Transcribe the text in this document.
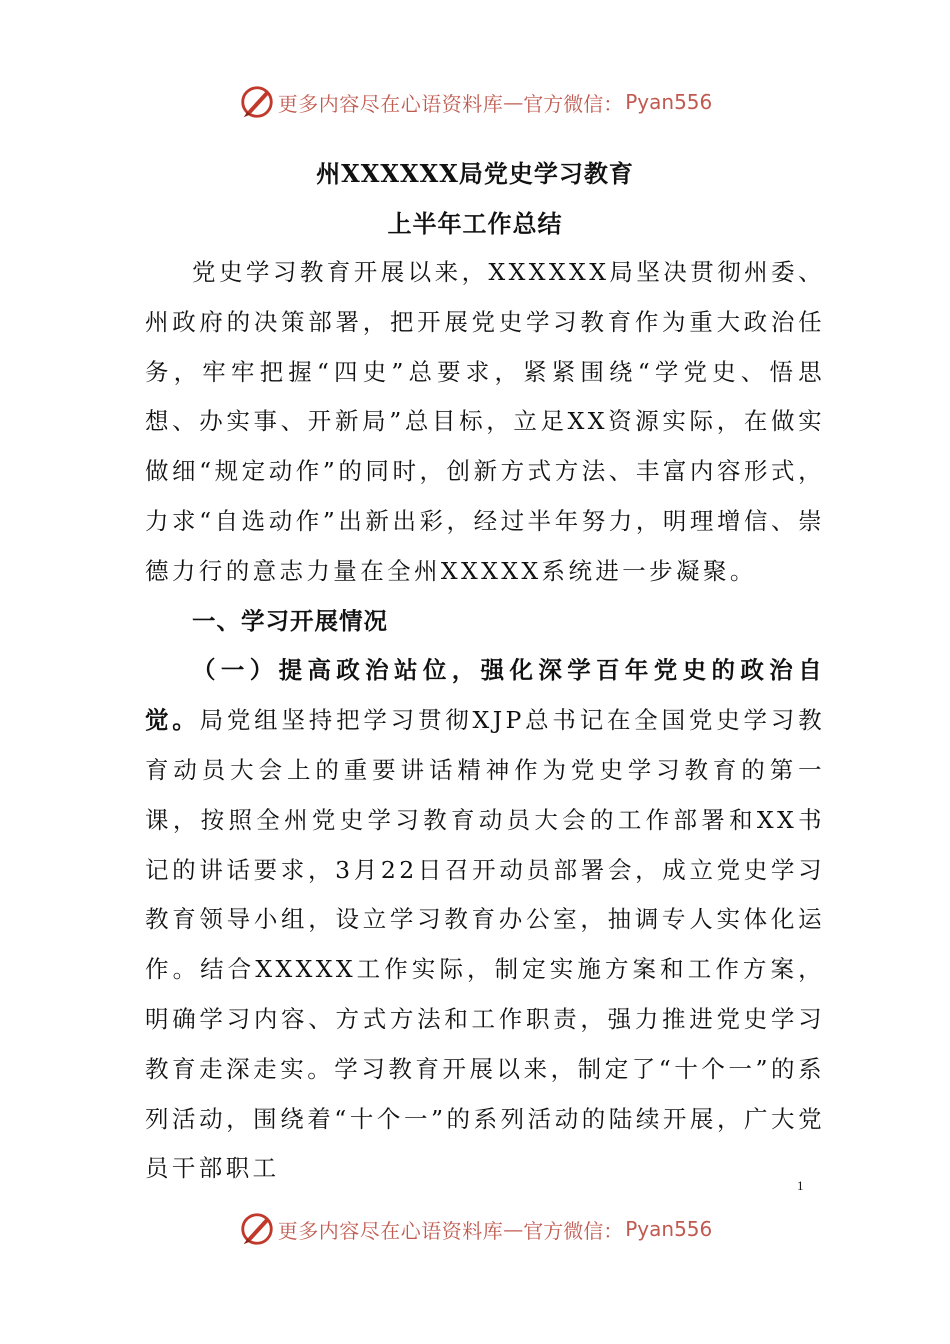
更多内容尽在心语资料库 — 官方微信： Pyan556
州XXXXXX局党史学习教育
上半年工作总结

党史学习教育开展以来，XXXXXX局坚决贯彻州委、州政府的决策部署，把开展党史学习教育作为重大政治任务，牢牢把握“四史”总要求，紧紧围绕“学党史、悟思想、办实事、开新局”总目标，立足XX资源实际，在做实做细“规定动作”的同时，创新方式方法、丰富内容形式，力求“自选动作”出新出彩，经过半年努力，明理增信、崇德力行的意志力量在全州XXXXX系统进一步凝聚。

一、学习开展情况

（一）提高政治站位，强化深学百年党史的政治自觉。局党组坚持把学习贯彻XJP总书记在全国党史学习教育动员大会上的重要讲话精神作为党史学习教育的第一课，按照全州党史学习教育动员大会的工作部署和XX书记的讲话要求，3月22日召开动员部署会，成立党史学习教育领导小组，设立学习教育办公室，抽调专人实体化运作。结合XXXXX工作实际，制定实施方案和工作方案，明确学习内容、方式方法和工作职责，强力推进党史学习教育走深走实。学习教育开展以来，制定了“十个一”的系列活动，围绕着“十个一”的系列活动的陆续开展，广大党员干部职工

1
更多内容尽在心语资料库 — 官方微信： Pyan556
